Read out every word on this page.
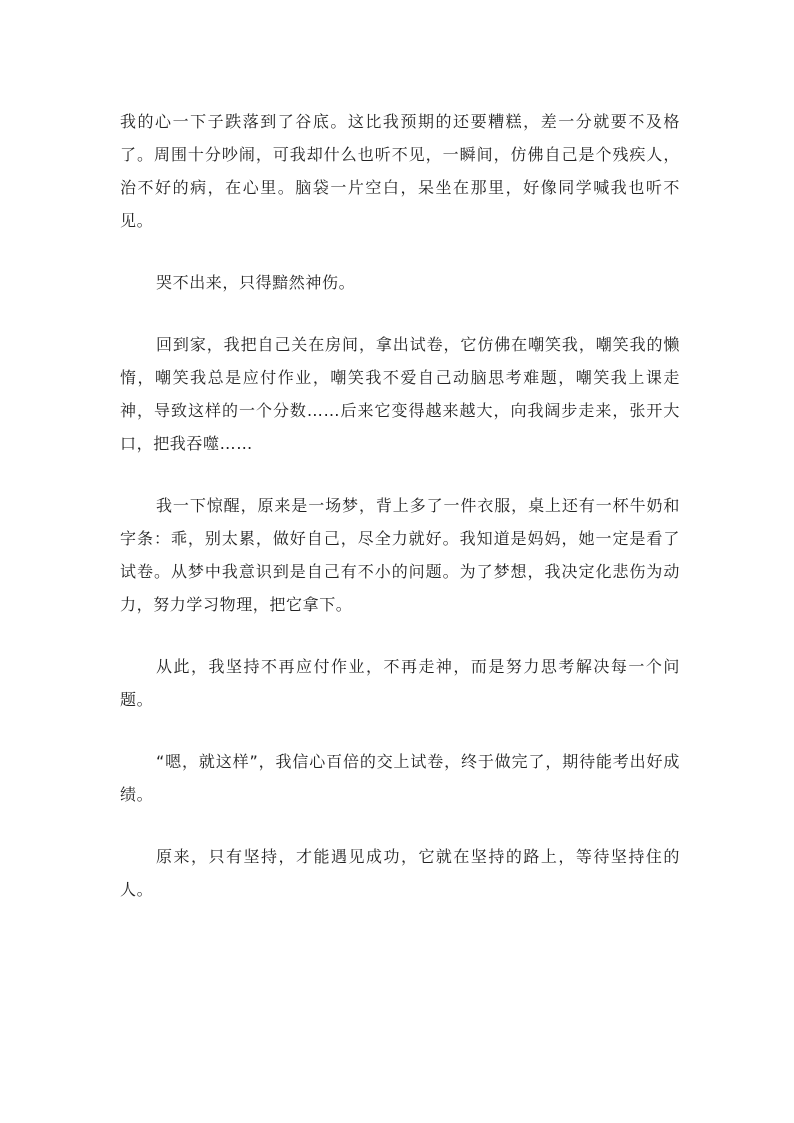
我的心一下子跌落到了谷底。这比我预期的还要糟糕，差一分就要不及格了。周围十分吵闹，可我却什么也听不见，一瞬间，仿佛自己是个残疾人，治不好的病，在心里。脑袋一片空白，呆坐在那里，好像同学喊我也听不见。

哭不出来，只得黯然神伤。

回到家，我把自己关在房间，拿出试卷，它仿佛在嘲笑我，嘲笑我的懒惰，嘲笑我总是应付作业，嘲笑我不爱自己动脑思考难题，嘲笑我上课走神，导致这样的一个分数……后来它变得越来越大，向我阔步走来，张开大口，把我吞噬……

我一下惊醒，原来是一场梦，背上多了一件衣服，桌上还有一杯牛奶和字条：乖，别太累，做好自己，尽全力就好。我知道是妈妈，她一定是看了试卷。从梦中我意识到是自己有不小的问题。为了梦想，我决定化悲伤为动力，努力学习物理，把它拿下。

从此，我坚持不再应付作业，不再走神，而是努力思考解决每一个问题。

“嗯，就这样”，我信心百倍的交上试卷，终于做完了，期待能考出好成绩。

原来，只有坚持，才能遇见成功，它就在坚持的路上，等待坚持住的人。
